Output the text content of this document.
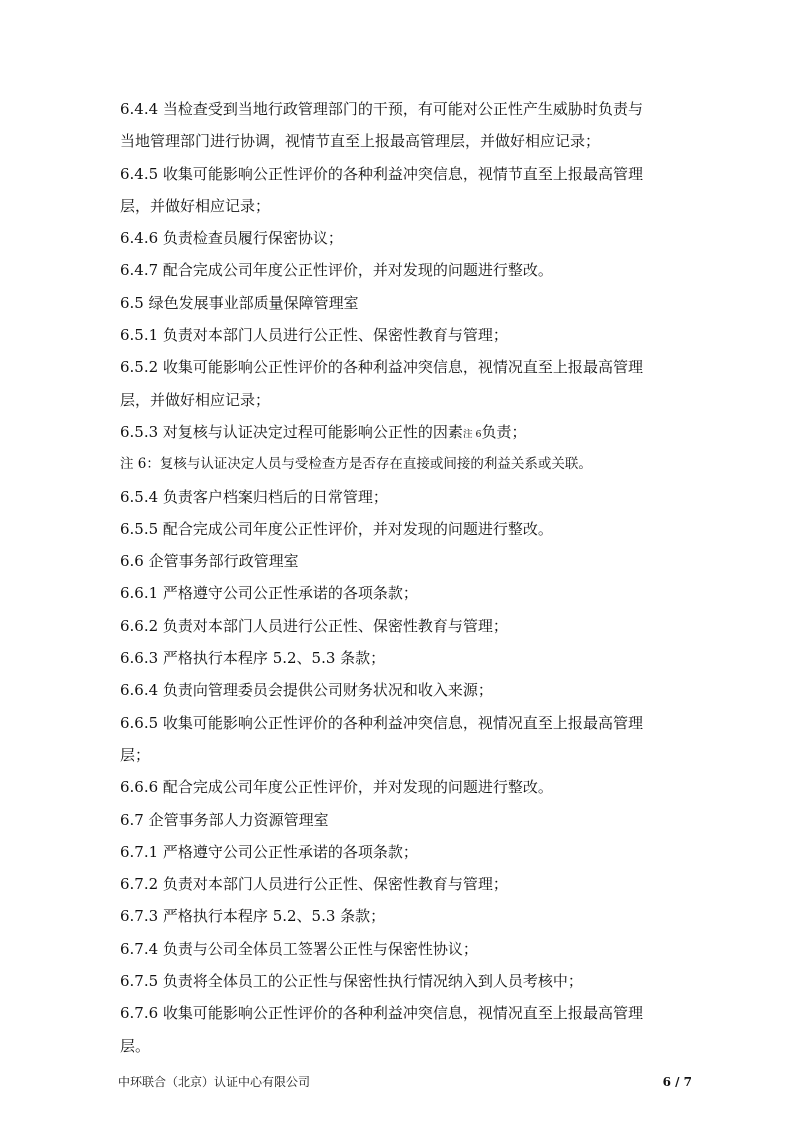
6.4.4 当检查受到当地行政管理部门的干预，有可能对公正性产生威胁时负责与
当地管理部门进行协调，视情节直至上报最高管理层，并做好相应记录；
6.4.5 收集可能影响公正性评价的各种利益冲突信息，视情节直至上报最高管理
层，并做好相应记录；
6.4.6 负责检查员履行保密协议；
6.4.7 配合完成公司年度公正性评价，并对发现的问题进行整改。
6.5 绿色发展事业部质量保障管理室
6.5.1 负责对本部门人员进行公正性、保密性教育与管理；
6.5.2 收集可能影响公正性评价的各种利益冲突信息，视情况直至上报最高管理
层，并做好相应记录；
6.5.3 对复核与认证决定过程可能影响公正性的因素注 6负责；
注 6：复核与认证决定人员与受检查方是否存在直接或间接的利益关系或关联。
6.5.4 负责客户档案归档后的日常管理；
6.5.5 配合完成公司年度公正性评价，并对发现的问题进行整改。
6.6 企管事务部行政管理室
6.6.1 严格遵守公司公正性承诺的各项条款；
6.6.2 负责对本部门人员进行公正性、保密性教育与管理；
6.6.3 严格执行本程序 5.2、5.3 条款；
6.6.4 负责向管理委员会提供公司财务状况和收入来源；
6.6.5 收集可能影响公正性评价的各种利益冲突信息，视情况直至上报最高管理
层；
6.6.6 配合完成公司年度公正性评价，并对发现的问题进行整改。
6.7 企管事务部人力资源管理室
6.7.1 严格遵守公司公正性承诺的各项条款；
6.7.2 负责对本部门人员进行公正性、保密性教育与管理；
6.7.3 严格执行本程序 5.2、5.3 条款；
6.7.4 负责与公司全体员工签署公正性与保密性协议；
6.7.5 负责将全体员工的公正性与保密性执行情况纳入到人员考核中；
6.7.6 收集可能影响公正性评价的各种利益冲突信息，视情况直至上报最高管理
层。
中环联合（北京）认证中心有限公司	6 / 7
